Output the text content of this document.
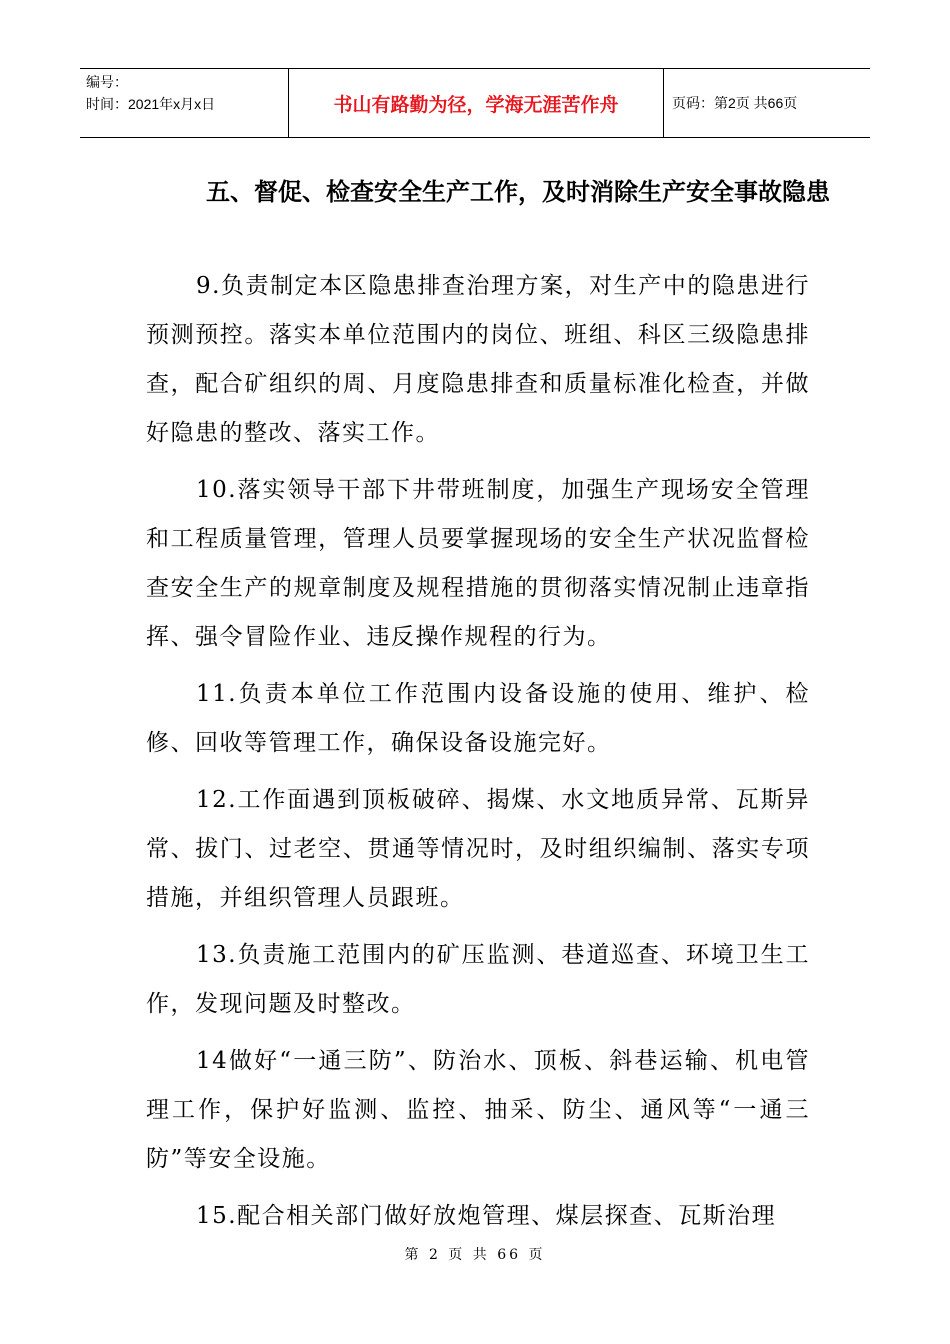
编号：
时间：2021年x月x日	书山有路勤为径，学海无涯苦作舟	页码：第2页 共66页
五、督促、检查安全生产工作，及时消除生产安全事故隐患

9.负责制定本区隐患排查治理方案，对生产中的隐患进行预测预控。落实本单位范围内的岗位、班组、科区三级隐患排查，配合矿组织的周、月度隐患排查和质量标准化检查，并做好隐患的整改、落实工作。

10.落实领导干部下井带班制度，加强生产现场安全管理和工程质量管理，管理人员要掌握现场的安全生产状况监督检查安全生产的规章制度及规程措施的贯彻落实情况制止违章指挥、强令冒险作业、违反操作规程的行为。

11.负责本单位工作范围内设备设施的使用、维护、检修、回收等管理工作，确保设备设施完好。

12.工作面遇到顶板破碎、揭煤、水文地质异常、瓦斯异常、拔门、过老空、贯通等情况时，及时组织编制、落实专项措施，并组织管理人员跟班。

13.负责施工范围内的矿压监测、巷道巡查、环境卫生工作，发现问题及时整改。

14做好“一通三防”、防治水、顶板、斜巷运输、机电管理工作，保护好监测、监控、抽采、防尘、通风等“一通三防”等安全设施。

15.配合相关部门做好放炮管理、煤层探查、瓦斯治理

第 2 页 共 66 页
